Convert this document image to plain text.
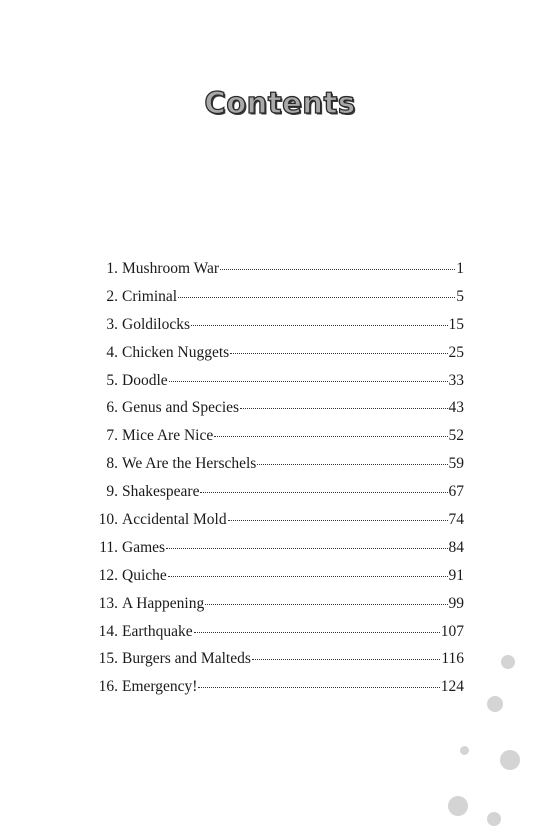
Contents
1. Mushroom War	1
2. Criminal	5
3. Goldilocks	15
4. Chicken Nuggets	25
5. Doodle	33
6. Genus and Species	43
7. Mice Are Nice	52
8. We Are the Herschels	59
9. Shakespeare	67
10. Accidental Mold	74
11. Games	84
12. Quiche	91
13. A Happening	99
14. Earthquake	107
15. Burgers and Malteds	116
16. Emergency!	124
